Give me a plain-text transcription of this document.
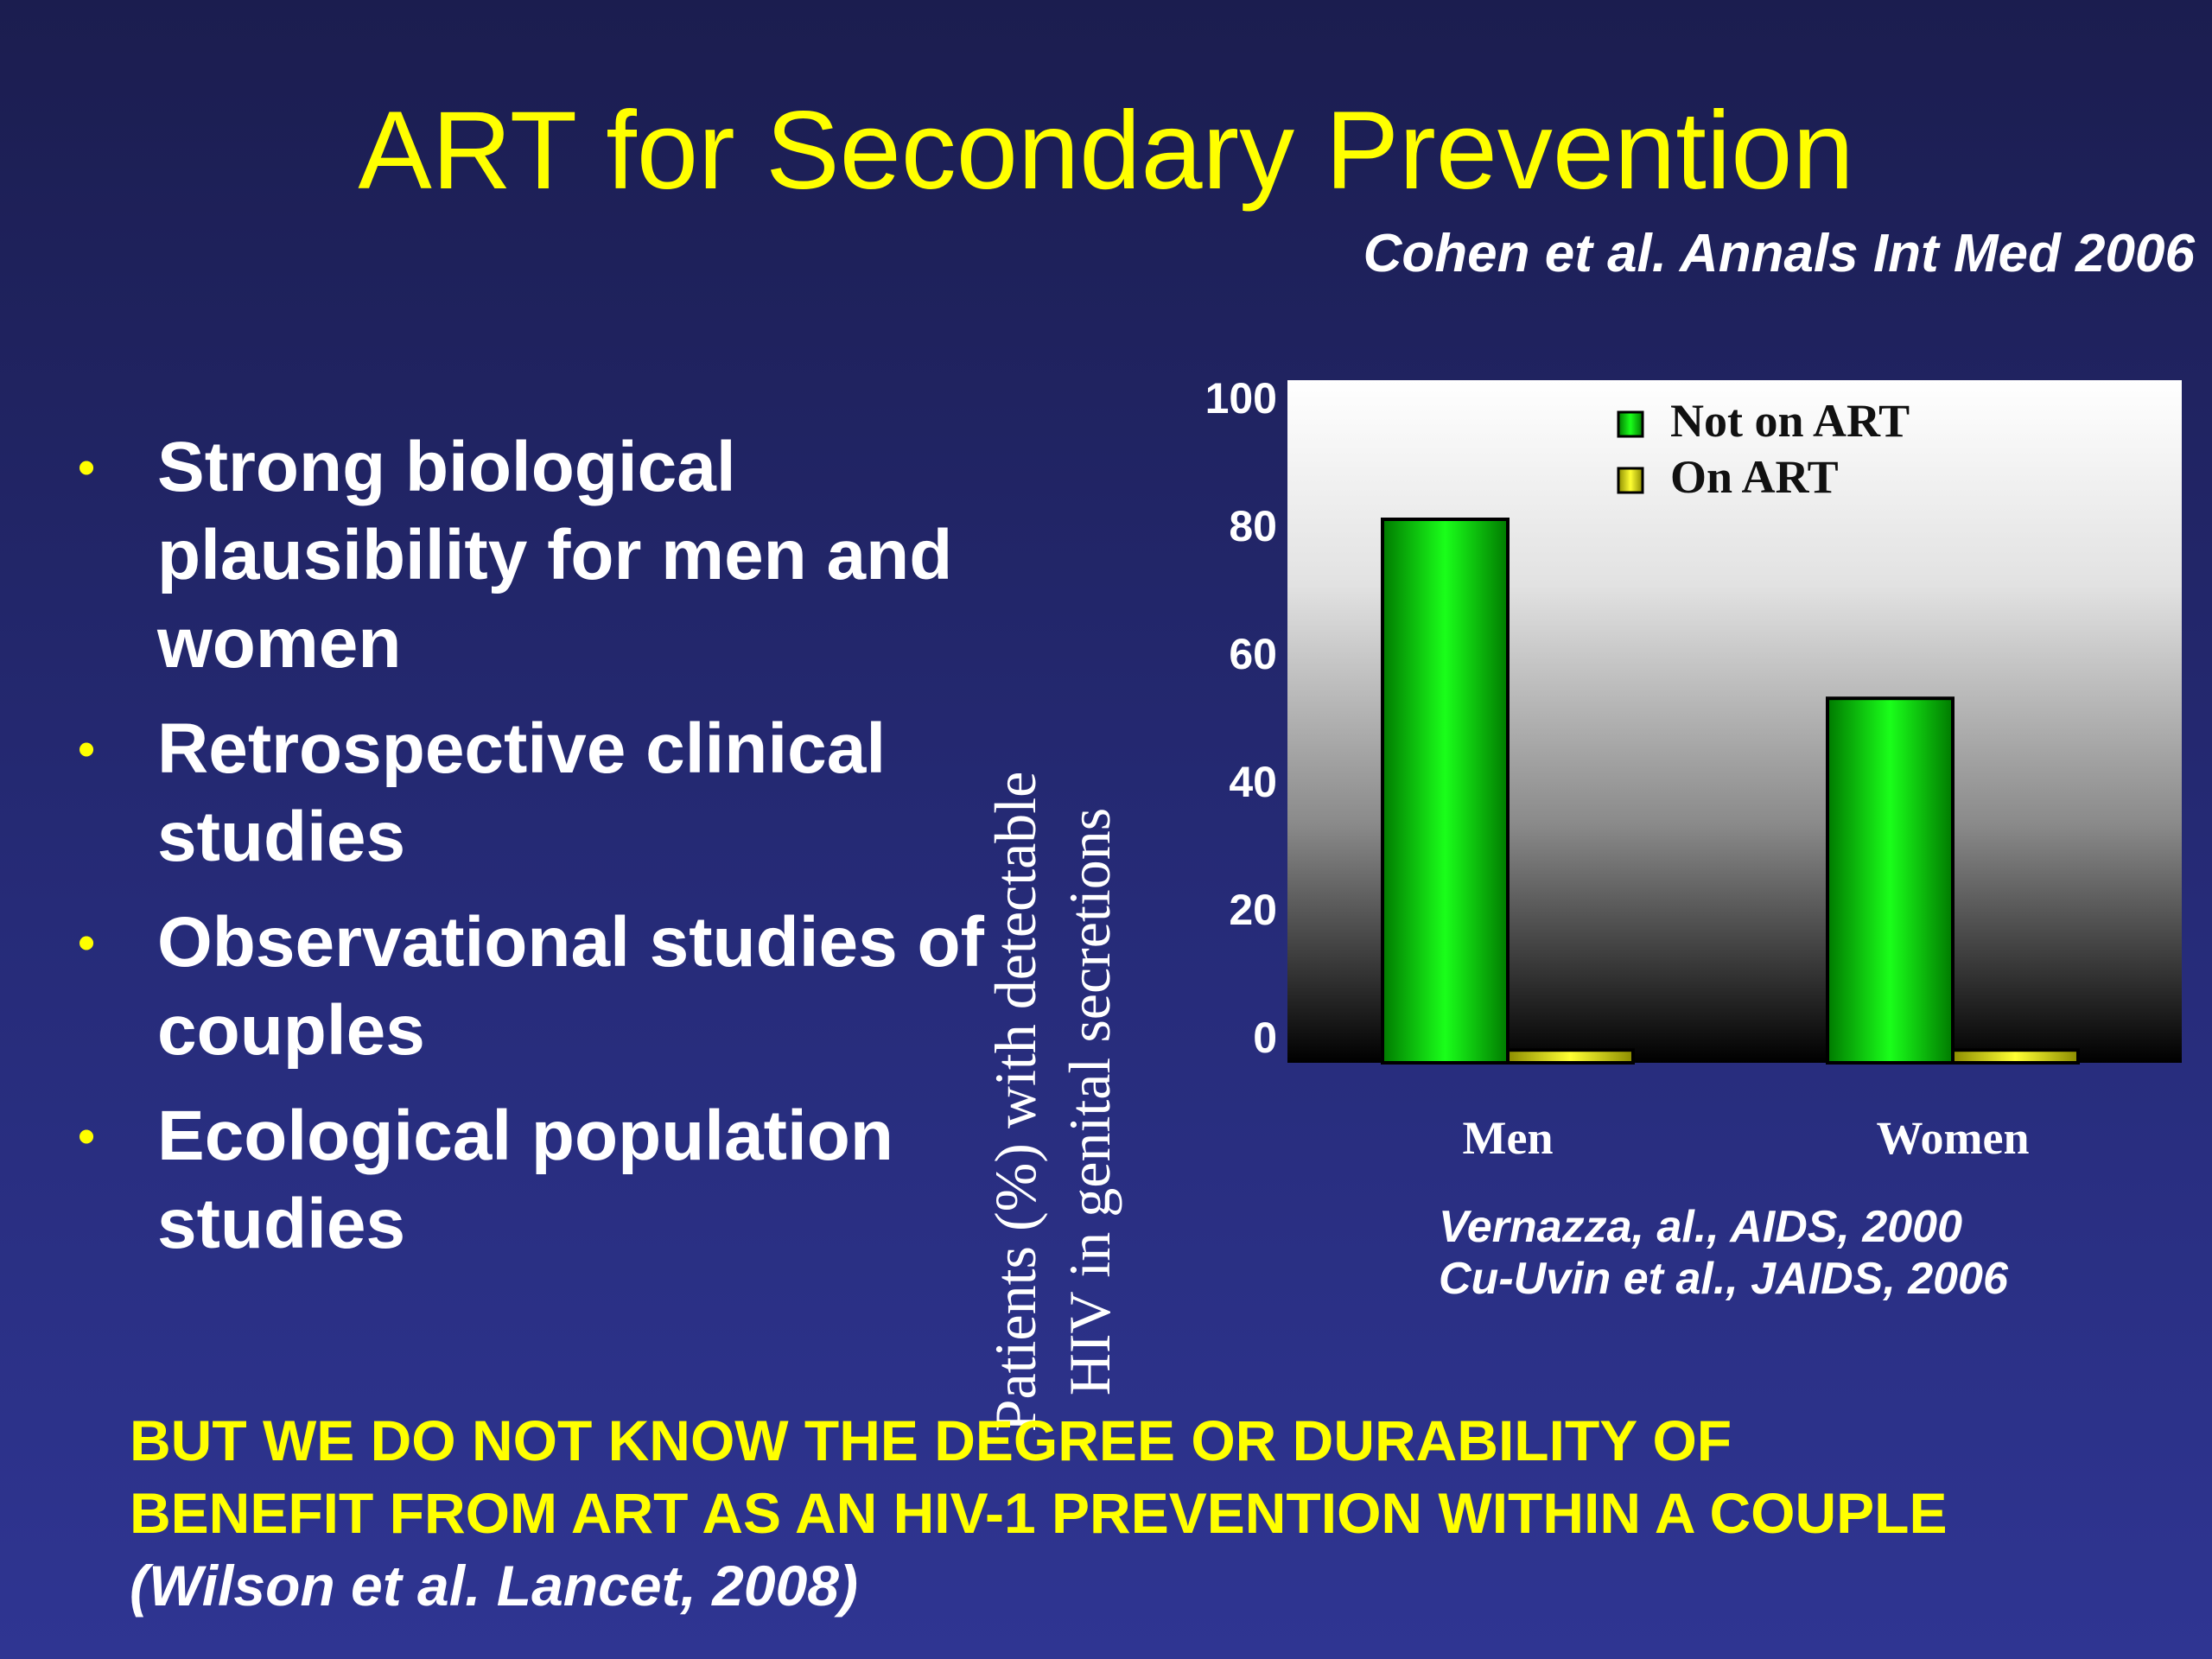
ART for Secondary Prevention
Cohen et al. Annals Int Med 2006
• Strong biological plausibility for men and women
• Retrospective clinical studies
• Observational studies of couples
• Ecological population studies	Patients (%) with detectable HIV in genital secretions
100
80
60
40
20
0
Men	Women
Not on ART
On ART
Vernazza, al., AIDS, 2000
Cu-Uvin et al., JAIDS, 2006
BUT WE DO NOT KNOW THE DEGREE OR DURABILITY OF
BENEFIT FROM ART AS AN HIV-1 PREVENTION WITHIN A COUPLE
(Wilson et al. Lancet, 2008)
